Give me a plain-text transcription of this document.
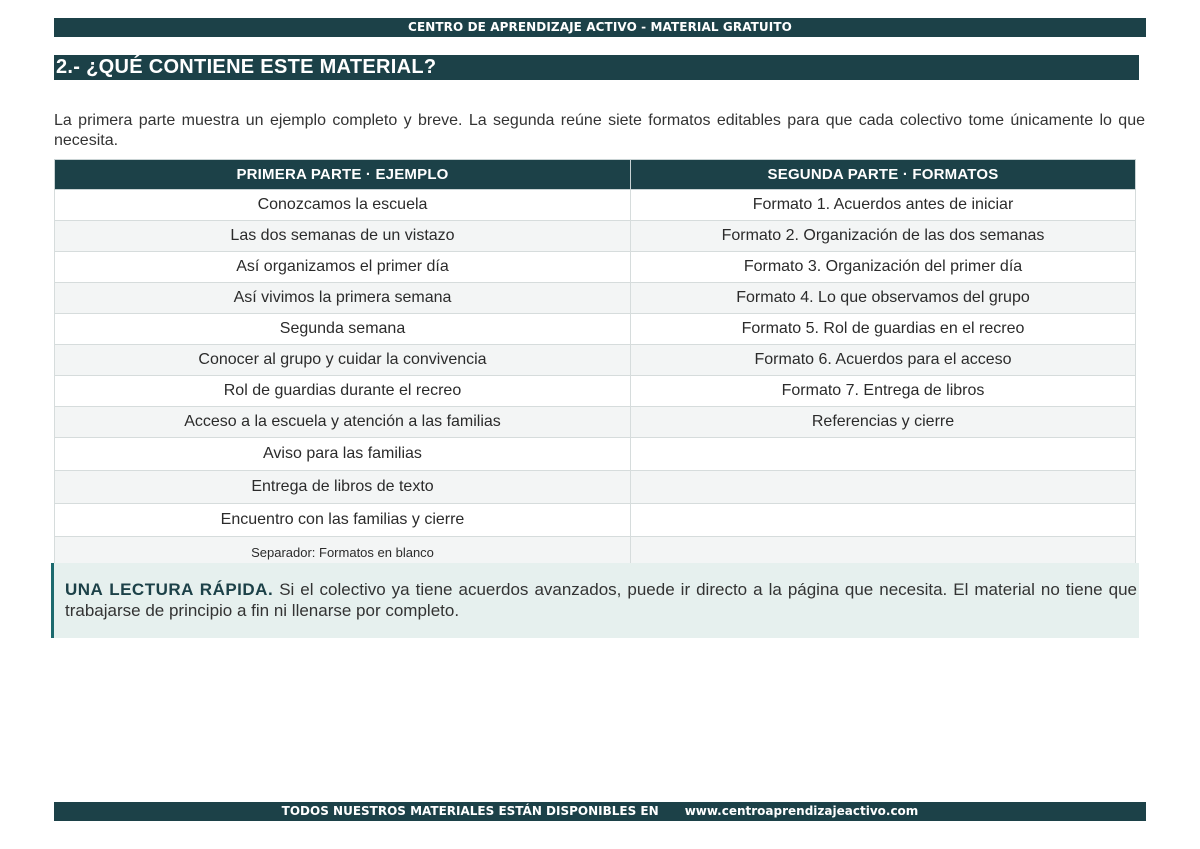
CENTRO DE APRENDIZAJE ACTIVO - MATERIAL GRATUITO
2.- ¿QUÉ CONTIENE ESTE MATERIAL?
La primera parte muestra un ejemplo completo y breve. La segunda reúne siete formatos editables para que cada colectivo tome únicamente lo que necesita.
PRIMERA PARTE · EJEMPLO	SEGUNDA PARTE · FORMATOS
Conozcamos la escuela	Formato 1. Acuerdos antes de iniciar
Las dos semanas de un vistazo	Formato 2. Organización de las dos semanas
Así organizamos el primer día	Formato 3. Organización del primer día
Así vivimos la primera semana	Formato 4. Lo que observamos del grupo
Segunda semana	Formato 5. Rol de guardias en el recreo
Conocer al grupo y cuidar la convivencia	Formato 6. Acuerdos para el acceso
Rol de guardias durante el recreo	Formato 7. Entrega de libros
Acceso a la escuela y atención a las familias	Referencias y cierre
Aviso para las familias	
Entrega de libros de texto	
Encuentro con las familias y cierre	
Separador: Formatos en blanco	
UNA LECTURA RÁPIDA. Si el colectivo ya tiene acuerdos avanzados, puede ir directo a la página que necesita. El material no tiene que trabajarse de principio a fin ni llenarse por completo.
TODOS NUESTROS MATERIALES ESTÁN DISPONIBLES EN www.centroaprendizajeactivo.com
